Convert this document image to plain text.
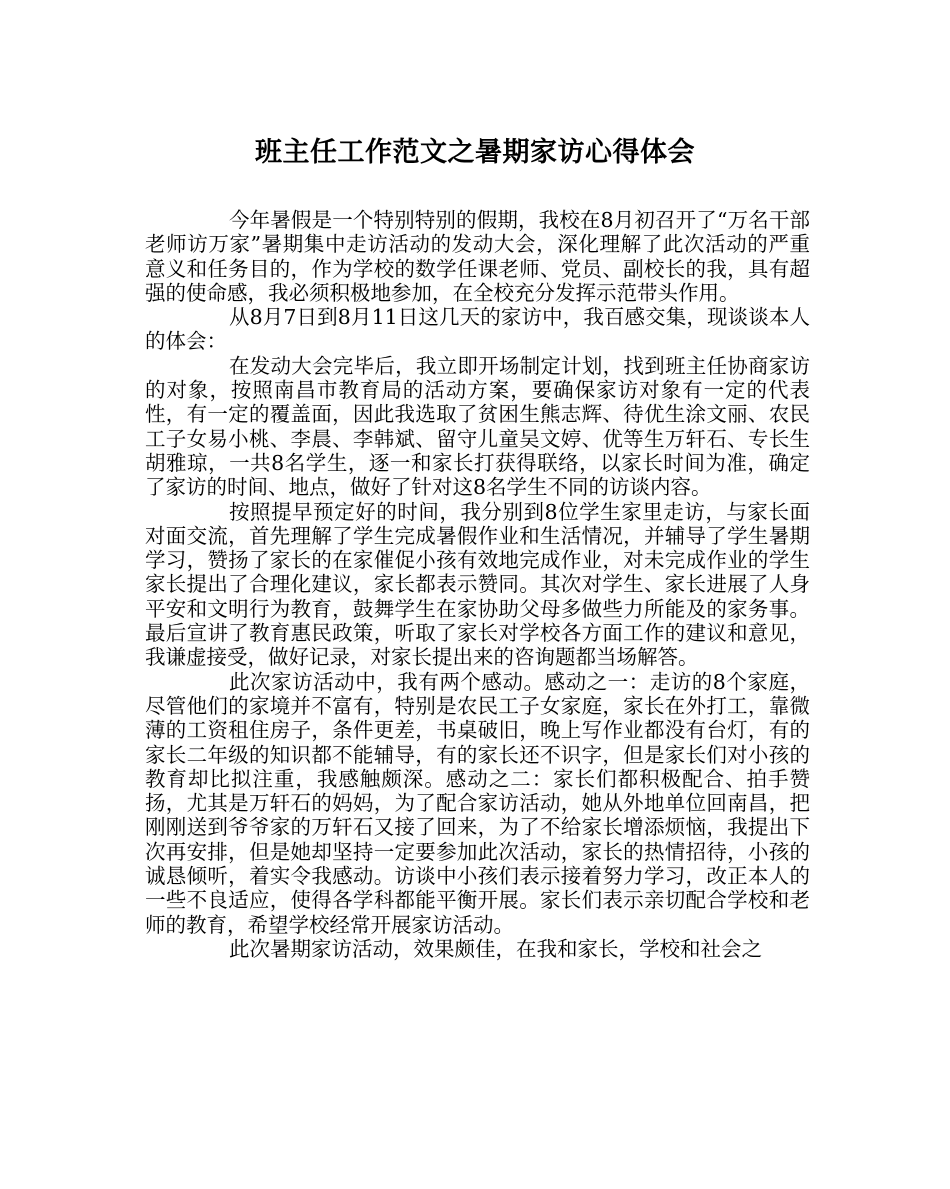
班主任工作范文之暑期家访心得体会

今年暑假是一个特别特别的假期，我校在8月初召开了“万名干部老师访万家”暑期集中走访活动的发动大会，深化理解了此次活动的严重意义和任务目的，作为学校的数学任课老师、党员、副校长的我，具有超强的使命感，我必须积极地参加，在全校充分发挥示范带头作用。

从8月7日到8月11日这几天的家访中，我百感交集，现谈谈本人的体会：

在发动大会完毕后，我立即开场制定计划，找到班主任协商家访的对象，按照南昌市教育局的活动方案，要确保家访对象有一定的代表性，有一定的覆盖面，因此我选取了贫困生熊志辉、待优生涂文丽、农民工子女易小桃、李晨、李韩斌、留守儿童吴文婷、优等生万轩石、专长生胡雅琼，一共8名学生，逐一和家长打获得联络，以家长时间为准，确定了家访的时间、地点，做好了针对这8名学生不同的访谈内容。

按照提早预定好的时间，我分别到8位学生家里走访，与家长面对面交流，首先理解了学生完成暑假作业和生活情况，并辅导了学生暑期学习，赞扬了家长的在家催促小孩有效地完成作业，对未完成作业的学生家长提出了合理化建议，家长都表示赞同。其次对学生、家长进展了人身平安和文明行为教育，鼓舞学生在家协助父母多做些力所能及的家务事。最后宣讲了教育惠民政策，听取了家长对学校各方面工作的建议和意见，我谦虚接受，做好记录，对家长提出来的咨询题都当场解答。

此次家访活动中，我有两个感动。感动之一：走访的8个家庭，尽管他们的家境并不富有，特别是农民工子女家庭，家长在外打工，靠微薄的工资租住房子，条件更差，书桌破旧，晚上写作业都没有台灯，有的家长二年级的知识都不能辅导，有的家长还不识字，但是家长们对小孩的教育却比拟注重，我感触颇深。感动之二：家长们都积极配合、拍手赞扬，尤其是万轩石的妈妈，为了配合家访活动，她从外地单位回南昌，把刚刚送到爷爷家的万轩石又接了回来，为了不给家长增添烦恼，我提出下次再安排，但是她却坚持一定要参加此次活动，家长的热情招待，小孩的诚恳倾听，着实令我感动。访谈中小孩们表示接着努力学习，改正本人的一些不良适应，使得各学科都能平衡开展。家长们表示亲切配合学校和老师的教育，希望学校经常开展家访活动。

此次暑期家访活动，效果颇佳，在我和家长，学校和社会之
